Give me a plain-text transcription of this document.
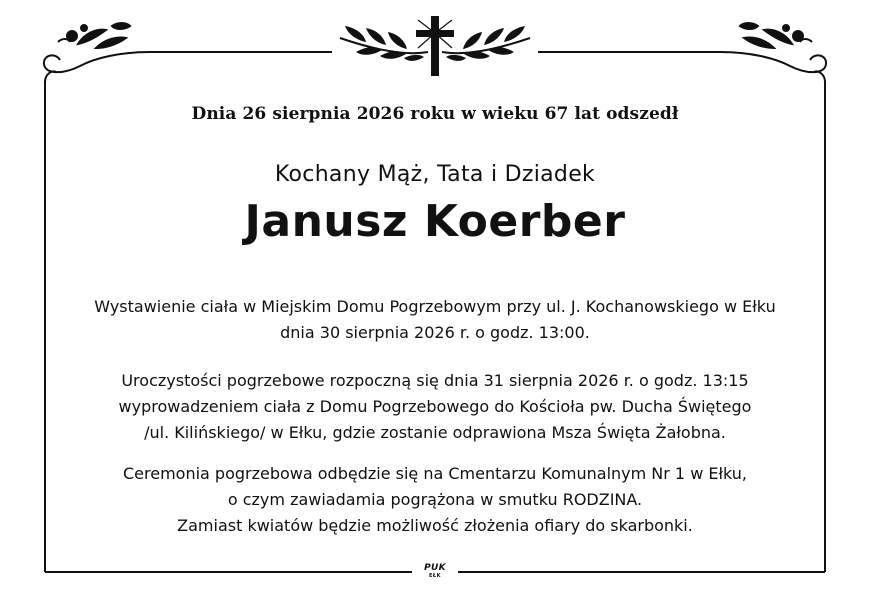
Dnia 26 sierpnia 2026 roku w wieku 67 lat odszedł
Kochany Mąż, Tata i Dziadek
Janusz Koerber
Wystawienie ciała w Miejskim Domu Pogrzebowym przy ul. J. Kochanowskiego w Ełku
dnia 30 sierpnia 2026 r. o godz. 13:00.
Uroczystości pogrzebowe rozpoczną się dnia 31 sierpnia 2026 r. o godz. 13:15
wyprowadzeniem ciała z Domu Pogrzebowego do Kościoła pw. Ducha Świętego
/ul. Kilińskiego/ w Ełku, gdzie zostanie odprawiona Msza Święta Żałobna.
Ceremonia pogrzebowa odbędzie się na Cmentarzu Komunalnym Nr 1 w Ełku,
o czym zawiadamia pogrążona w smutku RODZINA.
Zamiast kwiatów będzie możliwość złożenia ofiary do skarbonki.
PUK
EŁK
